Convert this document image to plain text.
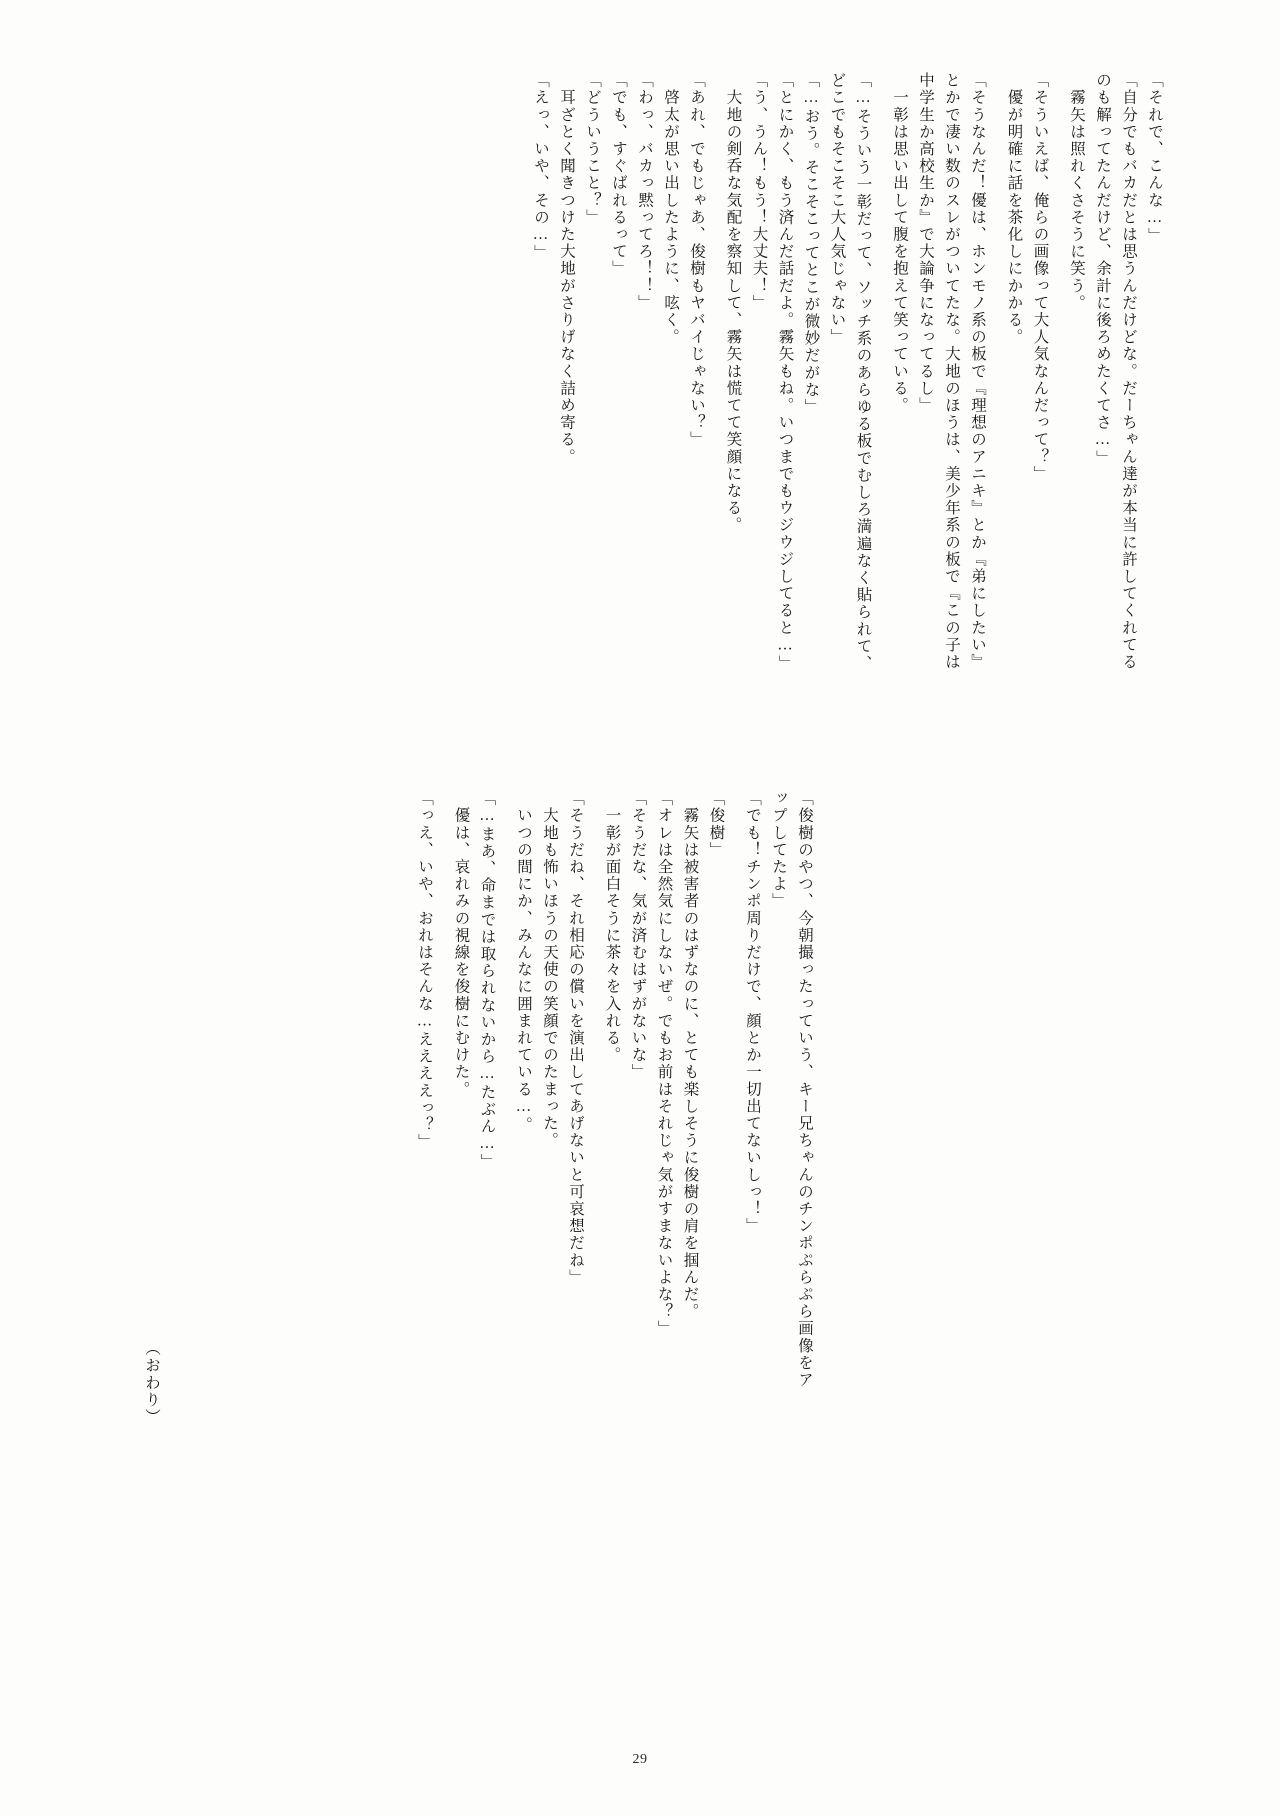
「それで、こんな…」
「自分でもバカだとは思うんだけどな。だーちゃん達が本当に許してくれてる
のも解ってたんだけど、余計に後ろめたくてさ…」
　霧矢は照れくさそうに笑う。
「そういえば、俺らの画像って大人気なんだって？」
　優が明確に話を茶化しにかかる。
「そうなんだ！優は、ホンモノ系の板で『理想のアニキ』とか『弟にしたい』
とかで凄い数のスレがついてたな。大地のほうは、美少年系の板で『この子は
中学生か高校生か』で大論争になってるし」
　一彰は思い出して腹を抱えて笑っている。
「…そういう一彰だって、ソッチ系のあらゆる板でむしろ満遍なく貼られて、
どこでもそこそこ大人気じゃない」
「…おう。そこそこってとこが微妙だがな」
「とにかく、もう済んだ話だよ。霧矢もね。いつまでもウジウジしてると…」
「う、うん！もう！大丈夫！」
　大地の剣呑な気配を察知して、霧矢は慌てて笑顔になる。
「あれ、でもじゃあ、俊樹もヤバイじゃない？」
　啓太が思い出したように、呟く。
「わっ、バカっ黙ってろ！！」
「でも、すぐばれるって」
「どういうこと？」
　耳ざとく聞きつけた大地がさりげなく詰め寄る。
「えっ、いや、その…」
「俊樹のやつ、今朝撮ったっていう、キー兄ちゃんのチンポぷらぷら画像をア
ップしてたよ」
「でも！チンポ周りだけで、顔とか一切出てないしっ！」
「俊樹」
　霧矢は被害者のはずなのに、とても楽しそうに俊樹の肩を掴んだ。
「オレは全然気にしないぜ。でもお前はそれじゃ気がすまないよな？」
「そうだな、気が済むはずがないな」
　一彰が面白そうに茶々を入れる。
「そうだね、それ相応の償いを演出してあげないと可哀想だね」
　大地も怖いほうの天使の笑顔でのたまった。
　いつの間にか、みんなに囲まれている…。
「…まあ、命までは取られないから…たぶん…」
　優は、哀れみの視線を俊樹にむけた。
「っえ、いや、おれはそんな…ええええっ？」
（おわり）
29
